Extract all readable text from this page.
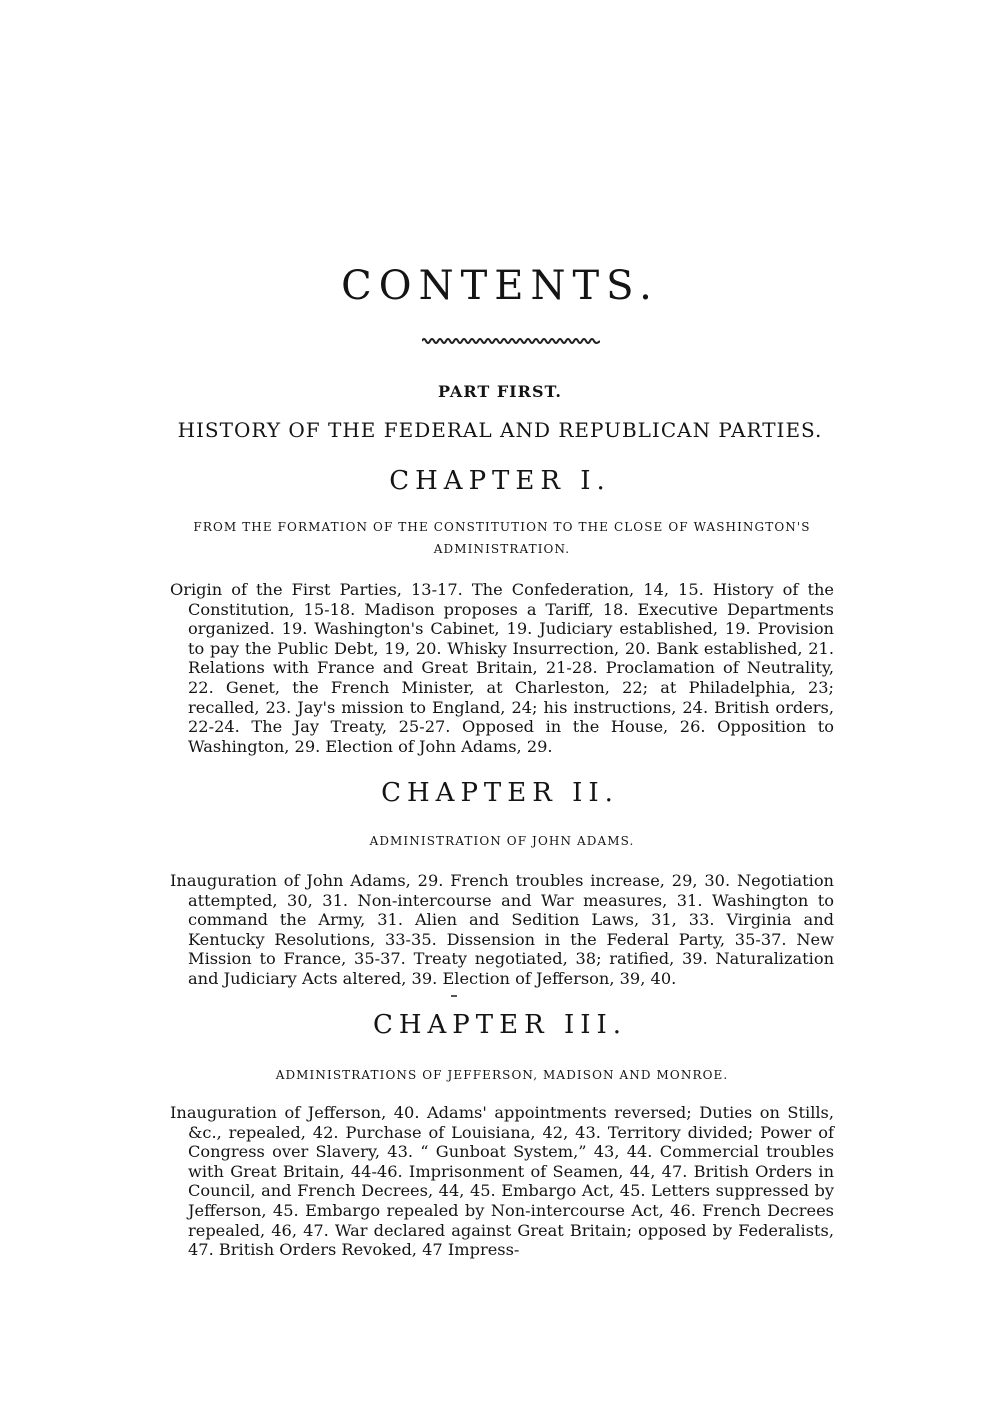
CONTENTS.
PART FIRST.
HISTORY OF THE FEDERAL AND REPUBLICAN PARTIES.
CHAPTER I.
FROM THE FORMATION OF THE CONSTITUTION TO THE CLOSE OF WASHINGTON'S ADMINISTRATION.
Origin of the First Parties, 13-17. The Confederation, 14, 15. History of the Constitution, 15-18. Madison proposes a Tariff, 18. Executive Departments organized. 19. Washington's Cabinet, 19. Judiciary established, 19. Provision to pay the Public Debt, 19, 20. Whisky Insurrection, 20. Bank established, 21. Relations with France and Great Britain, 21-28. Proclamation of Neutrality, 22. Genet, the French Minister, at Charleston, 22; at Philadelphia, 23; recalled, 23. Jay's mission to England, 24; his instructions, 24. British orders, 22-24. The Jay Treaty, 25-27. Opposed in the House, 26. Opposition to Washington, 29. Election of John Adams, 29.
CHAPTER II.
ADMINISTRATION OF JOHN ADAMS.
Inauguration of John Adams, 29. French troubles increase, 29, 30. Negotiation attempted, 30, 31. Non-intercourse and War measures, 31. Washington to command the Army, 31. Alien and Sedition Laws, 31, 33. Virginia and Kentucky Resolutions, 33-35. Dissension in the Federal Party, 35-37. New Mission to France, 35-37. Treaty negotiated, 38; ratified, 39. Naturalization and Judiciary Acts altered, 39. Election of Jefferson, 39, 40.
CHAPTER III.
ADMINISTRATIONS OF JEFFERSON, MADISON AND MONROE.
Inauguration of Jefferson, 40. Adams' appointments reversed; Duties on Stills, &c., repealed, 42. Purchase of Louisiana, 42, 43. Territory divided; Power of Congress over Slavery, 43. “ Gunboat System,” 43, 44. Commercial troubles with Great Britain, 44-46. Imprisonment of Seamen, 44, 47. British Orders in Council, and French Decrees, 44, 45. Embargo Act, 45. Letters suppressed by Jefferson, 45. Embargo repealed by Non-intercourse Act, 46. French Decrees repealed, 46, 47. War declared against Great Britain; opposed by Federalists, 47. British Orders Revoked, 47 Impress-
